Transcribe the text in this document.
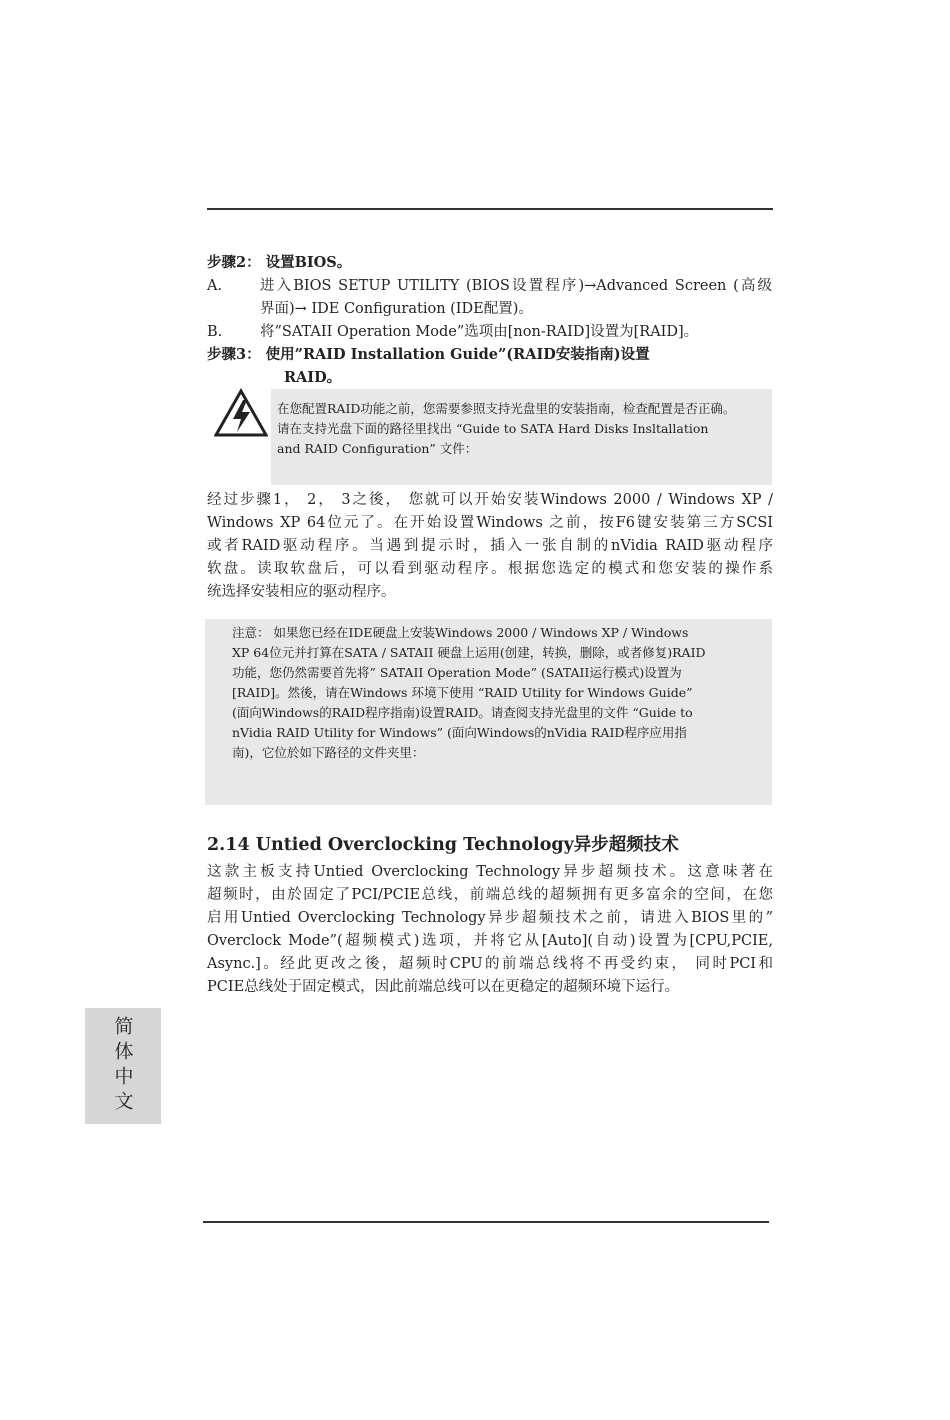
步骤2： 设置BIOS。
A.	进入BIOS SETUP UTILITY (BIOS设置程序)→Advanced Screen (高级
界面)→ IDE Configuration (IDE配置)。
B.	将”SATAII Operation Mode”选项由[non-RAID]设置为[RAID]。
步骤3： 使用”RAID Installation Guide”(RAID安装指南)设置
RAID。
在您配置RAID功能之前，您需要参照支持光盘里的安装指南，检查配置是否正确。
请在支持光盘下面的路径里找出 “Guide to SATA Hard Disks Insltallation
and RAID Configuration” 文件：
经过步骤1， 2， 3之後， 您就可以开始安装Windows 2000 / Windows XP /
Windows XP 64位元了。在开始设置Windows 之前，按F6键安装第三方SCSI
或者RAID驱动程序。当遇到提示时，插入一张自制的nVidia RAID驱动程序
软盘。读取软盘后，可以看到驱动程序。根据您选定的模式和您安装的操作系
统选择安装相应的驱动程序。
注意： 如果您已经在IDE硬盘上安装Windows 2000 / Windows XP / Windows
XP 64位元并打算在SATA / SATAII 硬盘上运用(创建，转换，删除，或者修复)RAID
功能，您仍然需要首先将” SATAII Operation Mode” (SATAII运行模式)设置为
[RAID]。然後，请在Windows 环境下使用 “RAID Utility for Windows Guide”
(面向Windows的RAID程序指南)设置RAID。请查阅支持光盘里的文件 “Guide to
nVidia RAID Utility for Windows” (面向Windows的nVidia RAID程序应用指
南)，它位於如下路径的文件夹里：
2.14 Untied Overclocking Technology异步超频技术
这款主板支持Untied Overclocking Technology异步超频技术。这意味著在
超频时，由於固定了PCI/PCIE总线，前端总线的超频拥有更多富余的空间，在您
启用Untied Overclocking Technology异步超频技术之前，请进入BIOS里的”
Overclock Mode”(超频模式)选项，并将它从[Auto](自动)设置为[CPU,PCIE,
Async.]。经此更改之後，超频时CPU的前端总线将不再受约束， 同时PCI和
PCIE总线处于固定模式，因此前端总线可以在更稳定的超频环境下运行。
简体中文
